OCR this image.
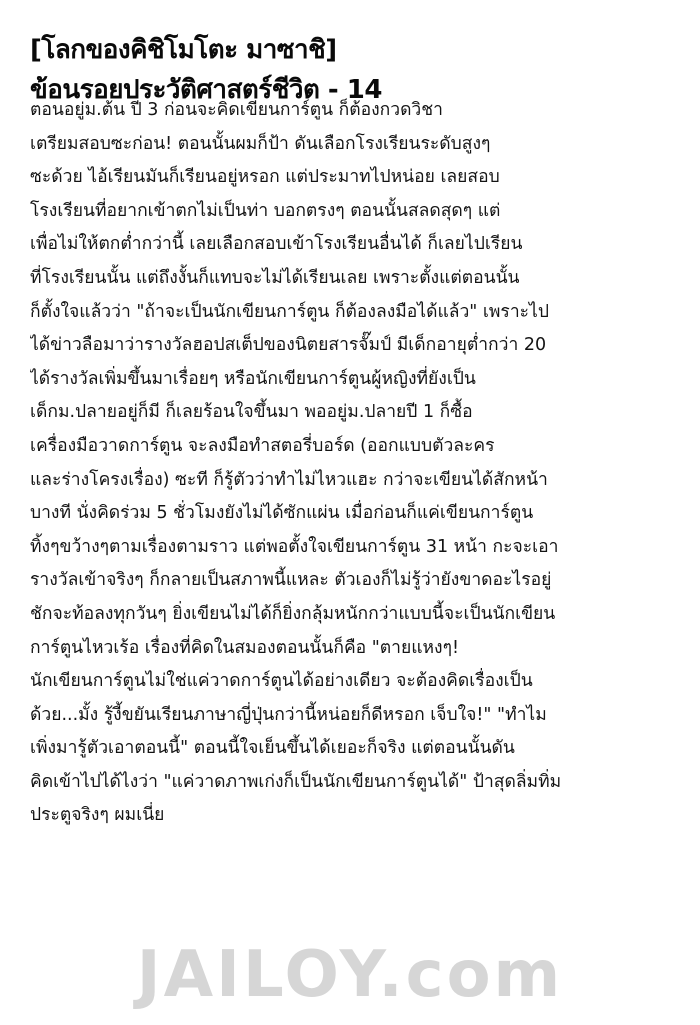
[โลกของคิชิโมโตะ มาซาชิ]
ข้อนรอยประวัติศาสตร์ชีวิต - 14
ตอนอยู่ม.ต้น ปี 3 ก่อนจะคิดเขียนการ์ตูน ก็ต้องกวดวิชา
เตรียมสอบซะก่อน! ตอนนั้นผมก็ป้า ดันเลือกโรงเรียนระดับสูงๆ
ซะด้วย ไอ้เรียนมันก็เรียนอยู่หรอก แต่ประมาทไปหน่อย เลยสอบ
โรงเรียนที่อยากเข้าตกไม่เป็นท่า บอกตรงๆ ตอนนั้นสลดสุดๆ แต่
เพื่อไม่ให้ตกต่ำกว่านี้ เลยเลือกสอบเข้าโรงเรียนอื่นได้ ก็เลยไปเรียน
ที่โรงเรียนนั้น แต่ถึงงั้นก็แทบจะไม่ได้เรียนเลย เพราะตั้งแต่ตอนนั้น
ก็ตั้งใจแล้วว่า "ถ้าจะเป็นนักเขียนการ์ตูน ก็ต้องลงมือได้แล้ว" เพราะไป
ได้ข่าวลือมาว่ารางวัลฮอปสเต็ปของนิตยสารจั๊มป์ มีเด็กอายุต่ำกว่า 20
ได้รางวัลเพิ่มขึ้นมาเรื่อยๆ หรือนักเขียนการ์ตูนผู้หญิงที่ยังเป็น
เด็กม.ปลายอยู่ก็มี ก็เลยร้อนใจขึ้นมา พออยู่ม.ปลายปี 1 ก็ซื้อ
เครื่องมือวาดการ์ตูน จะลงมือทำสตอรี่บอร์ด (ออกแบบตัวละคร
และร่างโครงเรื่อง) ซะที ก็รู้ตัวว่าทำไม่ไหวแฮะ กว่าจะเขียนได้สักหน้า
บางที นั่งคิดร่วม 5 ชั่วโมงยังไม่ได้ซักแผ่น เมื่อก่อนก็แค่เขียนการ์ตูน
ทิ้งๆขว้างๆตามเรื่องตามราว แต่พอตั้งใจเขียนการ์ตูน 31 หน้า กะจะเอา
รางวัลเข้าจริงๆ ก็กลายเป็นสภาพนี้แหละ ตัวเองก็ไม่รู้ว่ายังขาดอะไรอยู่
ชักจะท้อลงทุกวันๆ ยิ่งเขียนไม่ได้ก็ยิ่งกลุ้มหนักกว่าแบบนี้จะเป็นนักเขียน
การ์ตูนไหวเร้อ เรื่องที่คิดในสมองตอนนั้นก็คือ "ตายแหงๆ!
นักเขียนการ์ตูนไม่ใช่แค่วาดการ์ตูนได้อย่างเดียว จะต้องคิดเรื่องเป็น
ด้วย...มั้ง รู้งี้ขยันเรียนภาษาญี่ปุ่นกว่านี้หน่อยก็ดีหรอก เจ็บใจ!" "ทำไม
เพิ่งมารู้ตัวเอาตอนนี้" ตอนนี้ใจเย็นขึ้นได้เยอะก็จริง แต่ตอนนั้นดัน
คิดเข้าไปได้ไงว่า "แค่วาดภาพเก่งก็เป็นนักเขียนการ์ตูนได้" ป้าสุดลิ่มทิ่ม
ประตูจริงๆ ผมเนี่ย
JAILOY.com
